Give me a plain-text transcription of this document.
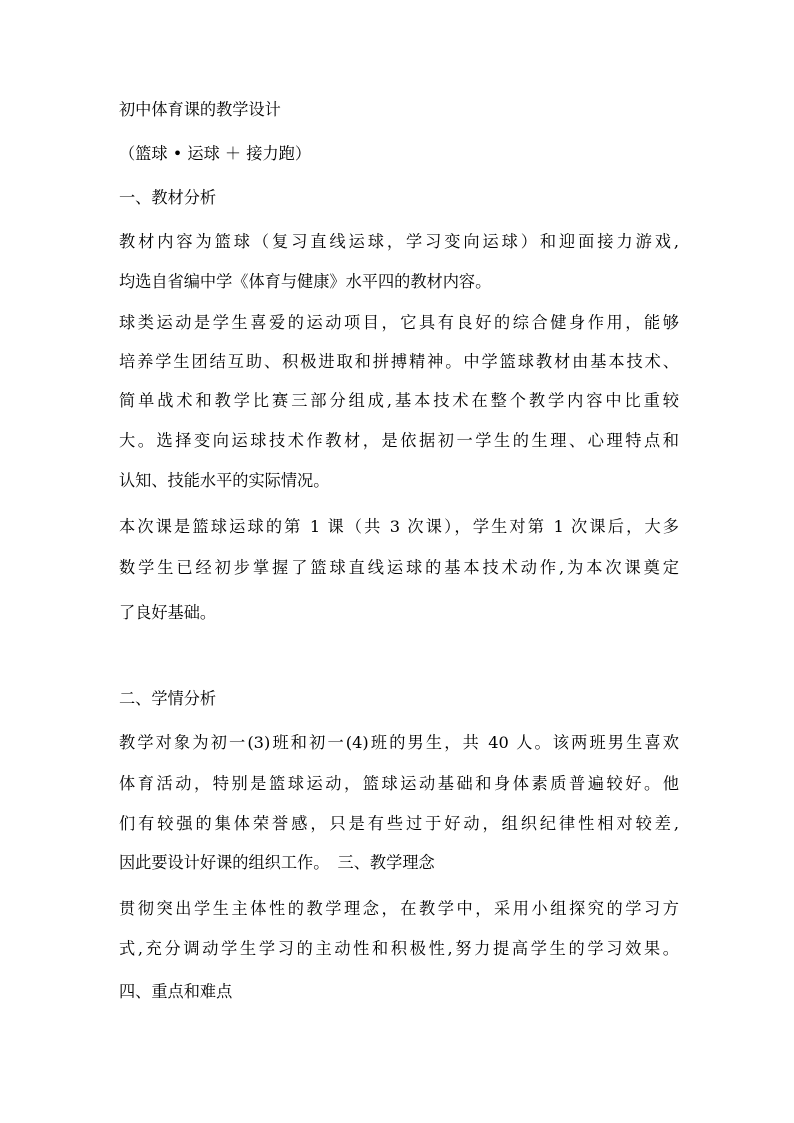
初中体育课的教学设计
（篮球 • 运球 ＋ 接力跑）
一、教材分析
教材内容为篮球（复习直线运球，学习变向运球）和迎面接力游戏,
均选自省编中学《体育与健康》水平四的教材内容。
球类运动是学生喜爱的运动项目，它具有良好的综合健身作用，能够
培养学生团结互助、积极进取和拼搏精神。中学篮球教材由基本技术、
简单战术和教学比赛三部分组成,基本技术在整个教学内容中比重较
大。选择变向运球技术作教材，是依据初一学生的生理、心理特点和
认知、技能水平的实际情况。
本次课是篮球运球的第 1 课（共 3 次课），学生对第 1 次课后，大多
数学生已经初步掌握了篮球直线运球的基本技术动作,为本次课奠定
了良好基础。
二、学情分析
教学对象为初一(3)班和初一(4)班的男生，共 40 人。该两班男生喜欢
体育活动，特别是篮球运动，篮球运动基础和身体素质普遍较好。他
们有较强的集体荣誉感，只是有些过于好动，组织纪律性相对较差,
因此要设计好课的组织工作。　三、教学理念
贯彻突出学生主体性的教学理念，在教学中，采用小组探究的学习方
式,充分调动学生学习的主动性和积极性,努力提高学生的学习效果。
四、重点和难点
